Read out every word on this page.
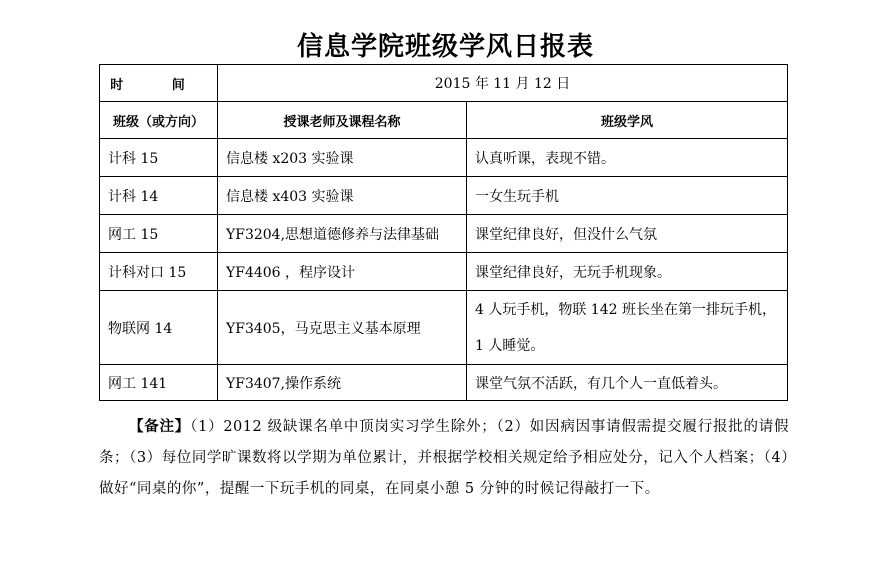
信息学院班级学风日报表
时 间	2015 年 11 月 12 日	
班级（或方向）	授课老师及课程名称	班级学风
计科 15	信息楼 x203 实验课	认真听课，表现不错。
计科 14	信息楼 x403 实验课	一女生玩手机
网工 15	YF3204,思想道德修养与法律基础	课堂纪律良好，但没什么气氛
计科对口 15	YF4406 ，程序设计	课堂纪律良好，无玩手机现象。
物联网 14	YF3405，马克思主义基本原理	4 人玩手机，物联 142 班长坐在第一排玩手机，1 人睡觉。
网工 141	YF3407,操作系统	课堂气氛不活跃，有几个人一直低着头。
【备注】（1）2012 级缺课名单中顶岗实习学生除外；（2）如因病因事请假需提交履行报批的请假条；（3）每位同学旷课数将以学期为单位累计，并根据学校相关规定给予相应处分，记入个人档案；（4）做好“同桌的你”，提醒一下玩手机的同桌，在同桌小憩 5 分钟的时候记得敲打一下。
